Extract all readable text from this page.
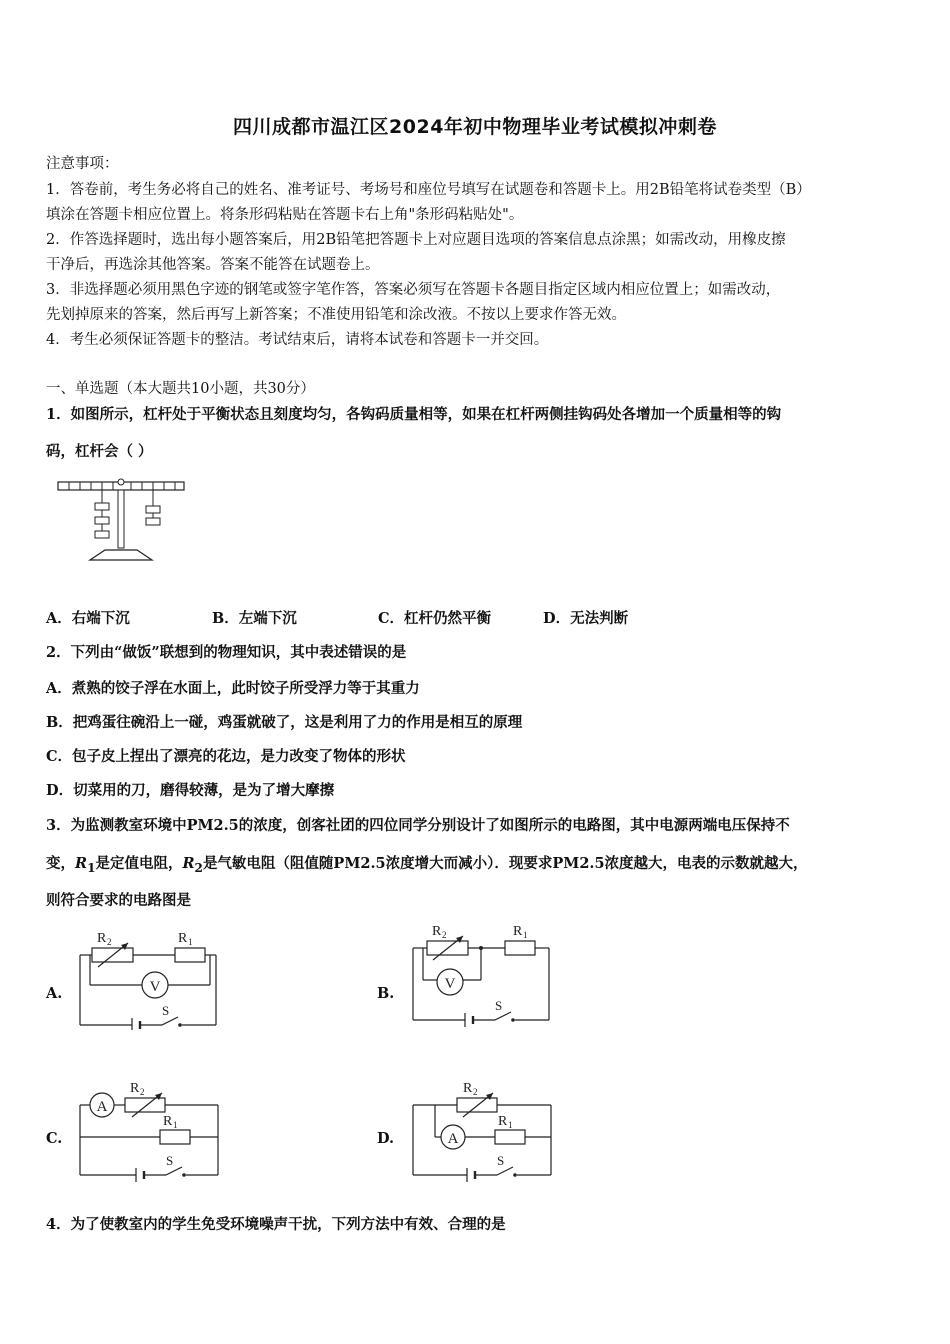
四川成都市温江区2024年初中物理毕业考试模拟冲刺卷
注意事项：
1．答卷前，考生务必将自己的姓名、准考证号、考场号和座位号填写在试题卷和答题卡上。用2B铅笔将试卷类型（B）
填涂在答题卡相应位置上。将条形码粘贴在答题卡右上角"条形码粘贴处"。
2．作答选择题时，选出每小题答案后，用2B铅笔把答题卡上对应题目选项的答案信息点涂黑；如需改动，用橡皮擦
干净后，再选涂其他答案。答案不能答在试题卷上。
3．非选择题必须用黑色字迹的钢笔或签字笔作答，答案必须写在答题卡各题目指定区域内相应位置上；如需改动，
先划掉原来的答案，然后再写上新答案；不准使用铅笔和涂改液。不按以上要求作答无效。
4．考生必须保证答题卡的整洁。考试结束后，请将本试卷和答题卡一并交回。
一、单选题（本大题共10小题，共30分）
1．如图所示，杠杆处于平衡状态且刻度均匀，各钩码质量相等，如果在杠杆两侧挂钩码处各增加一个质量相等的钩
码，杠杆会（ ）
A．右端下沉	B．左端下沉	C．杠杆仍然平衡	D．无法判断
2．下列由“做饭”联想到的物理知识，其中表述错误的是
A．煮熟的饺子浮在水面上，此时饺子所受浮力等于其重力
B．把鸡蛋往碗沿上一碰，鸡蛋就破了，这是利用了力的作用是相互的原理
C．包子皮上捏出了漂亮的花边，是力改变了物体的形状
D．切菜用的刀，磨得较薄，是为了增大摩擦
3．为监测教室环境中PM2.5的浓度，创客社团的四位同学分别设计了如图所示的电路图，其中电源两端电压保持不
变，$R_1$是定值电阻，$R_2$是气敏电阻（阻值随PM2.5浓度增大而减小）．现要求PM2.5浓度越大，电表的示数就越大，
则符合要求的电路图是
A.	V
S
R 2	R 1
B.
V
S
R 2	R 1
C.
A
S
R 2
R 1
D.	A
S
R 2
R 1
4．为了使教室内的学生免受环境噪声干扰，下列方法中有效、合理的是
